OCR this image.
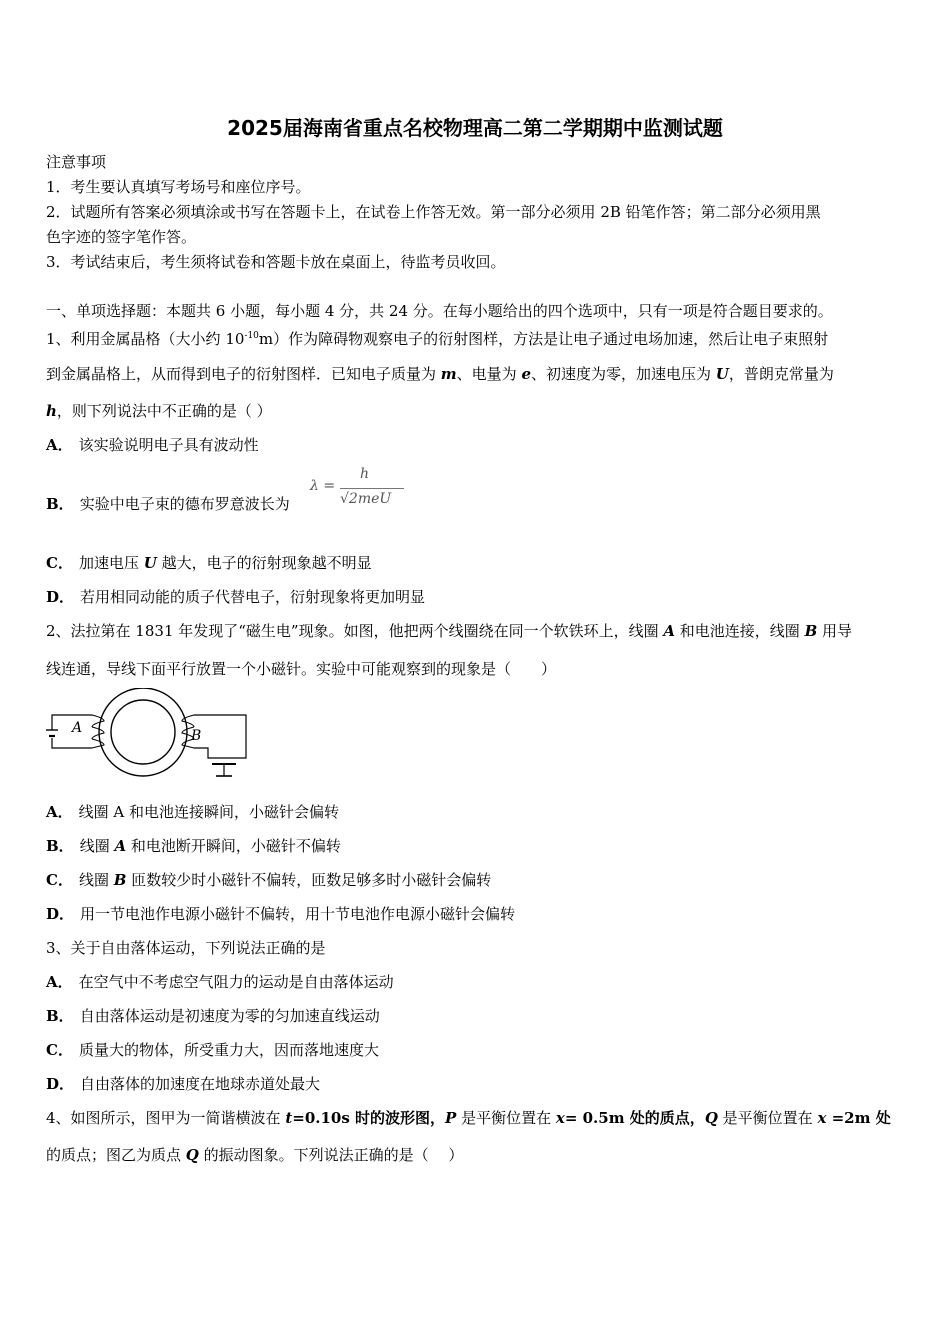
2025届海南省重点名校物理高二第二学期期中监测试题
注意事项
1．考生要认真填写考场号和座位序号。
2．试题所有答案必须填涂或书写在答题卡上，在试卷上作答无效。第一部分必须用 2B 铅笔作答；第二部分必须用黑
色字迹的签字笔作答。
3．考试结束后，考生须将试卷和答题卡放在桌面上，待监考员收回。
一、单项选择题：本题共 6 小题，每小题 4 分，共 24 分。在每小题给出的四个选项中，只有一项是符合题目要求的。
1、利用金属晶格（大小约 $10^{-10}m$）作为障碍物观察电子的衍射图样，方法是让电子通过电场加速，然后让电子束照射
到金属晶格上，从而得到电子的衍射图样．已知电子质量为 m、电量为 e、初速度为零，加速电压为 U，普朗克常量为
h，则下列说法中不正确的是（ ）
A． 该实验说明电子具有波动性
B． 实验中电子束的德布罗意波长为
λ =
h
√2meU
C． 加速电压 U 越大，电子的衍射现象越不明显
D． 若用相同动能的质子代替电子，衍射现象将更加明显
2、法拉第在 1831 年发现了“磁生电”现象。如图，他把两个线圈绕在同一个软铁环上，线圈 A 和电池连接，线圈 B 用导
线连通，导线下面平行放置一个小磁针。实验中可能观察到的现象是（　　）
A	B
A． 线圈 A 和电池连接瞬间，小磁针会偏转
B． 线圈 A 和电池断开瞬间，小磁针不偏转
C． 线圈 B 匝数较少时小磁针不偏转，匝数足够多时小磁针会偏转
D． 用一节电池作电源小磁针不偏转，用十节电池作电源小磁针会偏转
3、关于自由落体运动，下列说法正确的是
A． 在空气中不考虑空气阻力的运动是自由落体运动
B． 自由落体运动是初速度为零的匀加速直线运动
C． 质量大的物体，所受重力大，因而落地速度大
D． 自由落体的加速度在地球赤道处最大
4、如图所示，图甲为一简谐横波在 t=0.10s 时的波形图，P 是平衡位置在 x= 0.5m 处的质点，Q 是平衡位置在 x =2m 处
的质点；图乙为质点 Q 的振动图象。下列说法正确的是（　 ）
